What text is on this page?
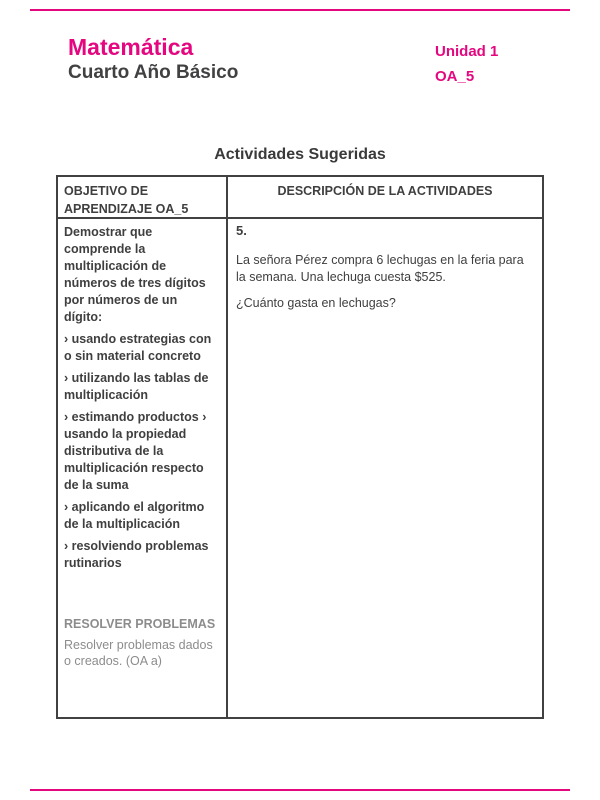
Matemática
Cuarto Año Básico
Unidad 1
OA_5
Actividades Sugeridas
OBJETIVO DE APRENDIZAJE OA_5
DESCRIPCIÓN DE LA ACTIVIDADES

Demostrar que comprende la multiplicación de números de tres dígitos por números de un dígito:

› usando estrategias con o sin material concreto

› utilizando las tablas de multiplicación

› estimando productos › usando la propiedad distributiva de la multiplicación respecto de la suma

› aplicando el algoritmo de la multiplicación

› resolviendo problemas rutinarios

RESOLVER PROBLEMAS

Resolver problemas dados o creados. (OA a)

5.

La señora Pérez compra 6 lechugas en la feria para la semana. Una lechuga cuesta $525.

¿Cuánto gasta en lechugas?
